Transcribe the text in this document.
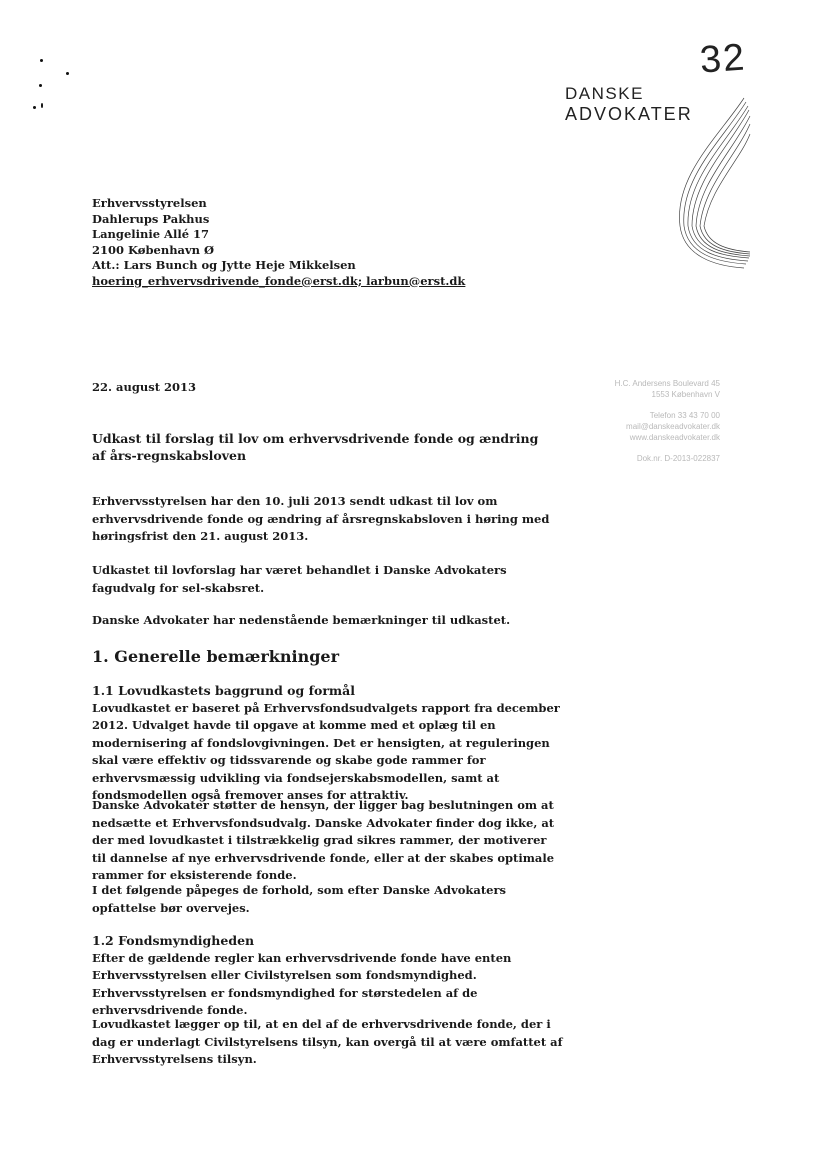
32
DANSKE
ADVOKATER
Erhvervsstyrelsen
Dahlerups Pakhus
Langelinie Allé 17
2100 København Ø
Att.: Lars Bunch og Jytte Heje Mikkelsen
hoering_erhvervsdrivende_fonde@erst.dk; larbun@erst.dk
22. august 2013	H.C. Andersens Boulevard 45
1553 København V
Telefon 33 43 70 00
mail@danskeadvokater.dk
www.danskeadvokater.dk
Dok.nr. D-2013-022837
Udkast til forslag til lov om erhvervsdrivende fonde og ændring af års-regnskabsloven
Erhvervsstyrelsen har den 10. juli 2013 sendt udkast til lov om erhvervsdrivende fonde og ændring af årsregnskabsloven i høring med høringsfrist den 21. august 2013.
Udkastet til lovforslag har været behandlet i Danske Advokaters fagudvalg for sel-skabsret.
Danske Advokater har nedenstående bemærkninger til udkastet.
1. Generelle bemærkninger
1.1 Lovudkastets baggrund og formål
Lovudkastet er baseret på Erhvervsfondsudvalgets rapport fra december 2012. Udvalget havde til opgave at komme med et oplæg til en modernisering af fondslovgivningen. Det er hensigten, at reguleringen skal være effektiv og tidssvarende og skabe gode rammer for erhvervsmæssig udvikling via fondsejerskabsmodellen, samt at fondsmodellen også fremover anses for attraktiv.
Danske Advokater støtter de hensyn, der ligger bag beslutningen om at nedsætte et Erhvervsfondsudvalg. Danske Advokater finder dog ikke, at der med lovudkastet i tilstrækkelig grad sikres rammer, der motiverer til dannelse af nye erhvervsdrivende fonde, eller at der skabes optimale rammer for eksisterende fonde.
I det følgende påpeges de forhold, som efter Danske Advokaters opfattelse bør overvejes.
1.2 Fondsmyndigheden
Efter de gældende regler kan erhvervsdrivende fonde have enten Erhvervsstyrelsen eller Civilstyrelsen som fondsmyndighed. Erhvervsstyrelsen er fondsmyndighed for størstedelen af de erhvervsdrivende fonde.
Lovudkastet lægger op til, at en del af de erhvervsdrivende fonde, der i dag er underlagt Civilstyrelsens tilsyn, kan overgå til at være omfattet af Erhvervsstyrelsens tilsyn.
